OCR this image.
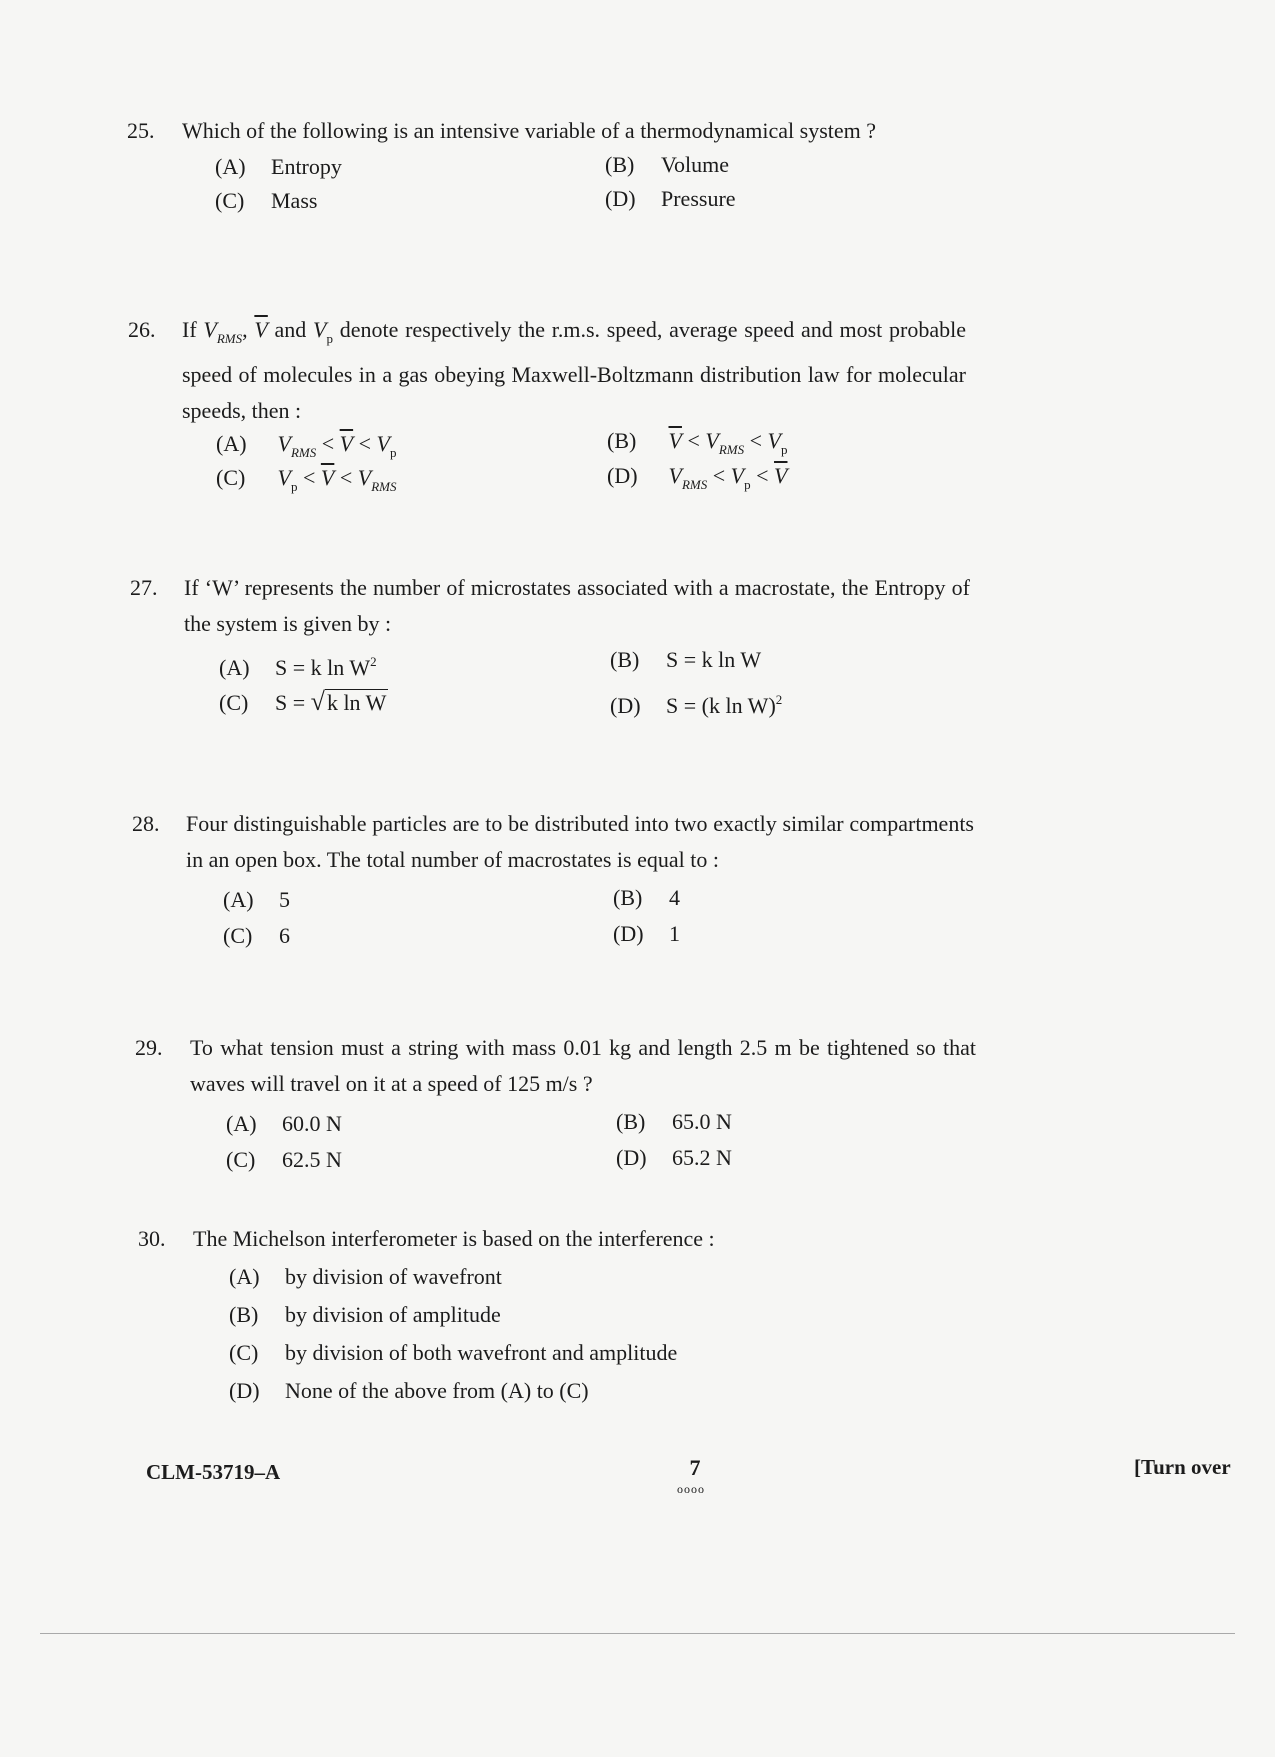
25.	Which of the following is an intensive variable of a thermodynamical system ?
(A) Entropy	(B) Volume
(C) Mass	(D) Pressure
26.	If $V_{RMS}$, $\overline{V}$ and $V_p$ denote respectively the r.m.s. speed, average speed and most probable speed of molecules in a gas obeying Maxwell-Boltzmann distribution law for molecular speeds, then :
(A) $V_{RMS} < \overline{V} < V_p$	(B) $\overline{V} < V_{RMS} < V_p$
(C) $V_p < \overline{V} < V_{RMS}$	(D) $V_{RMS} < V_p < \overline{V}$
27.	If ‘W’ represents the number of microstates associated with a macrostate, the Entropy of the system is given by :
(A) S = k $\ln W^2$	(B) S = k ln W
(C) S = √k ln W	(D) S = (k ln W)$^2$
28.	Four distinguishable particles are to be distributed into two exactly similar compartments in an open box. The total number of macrostates is equal to :
(A) 5	(B) 4
(C) 6	(D) 1
29.	To what tension must a string with mass 0.01 kg and length 2.5 m be tightened so that waves will travel on it at a speed of 125 m/s ?
(A) 60.0 N	(B) 65.0 N
(C) 62.5 N	(D) 65.2 N
30.	The Michelson interferometer is based on the interference :
(A) by division of wavefront
(B) by division of amplitude
(C) by division of both wavefront and amplitude
(D) None of the above from (A) to (C)
CLM-53719–A	7
oooo
[Turn over
